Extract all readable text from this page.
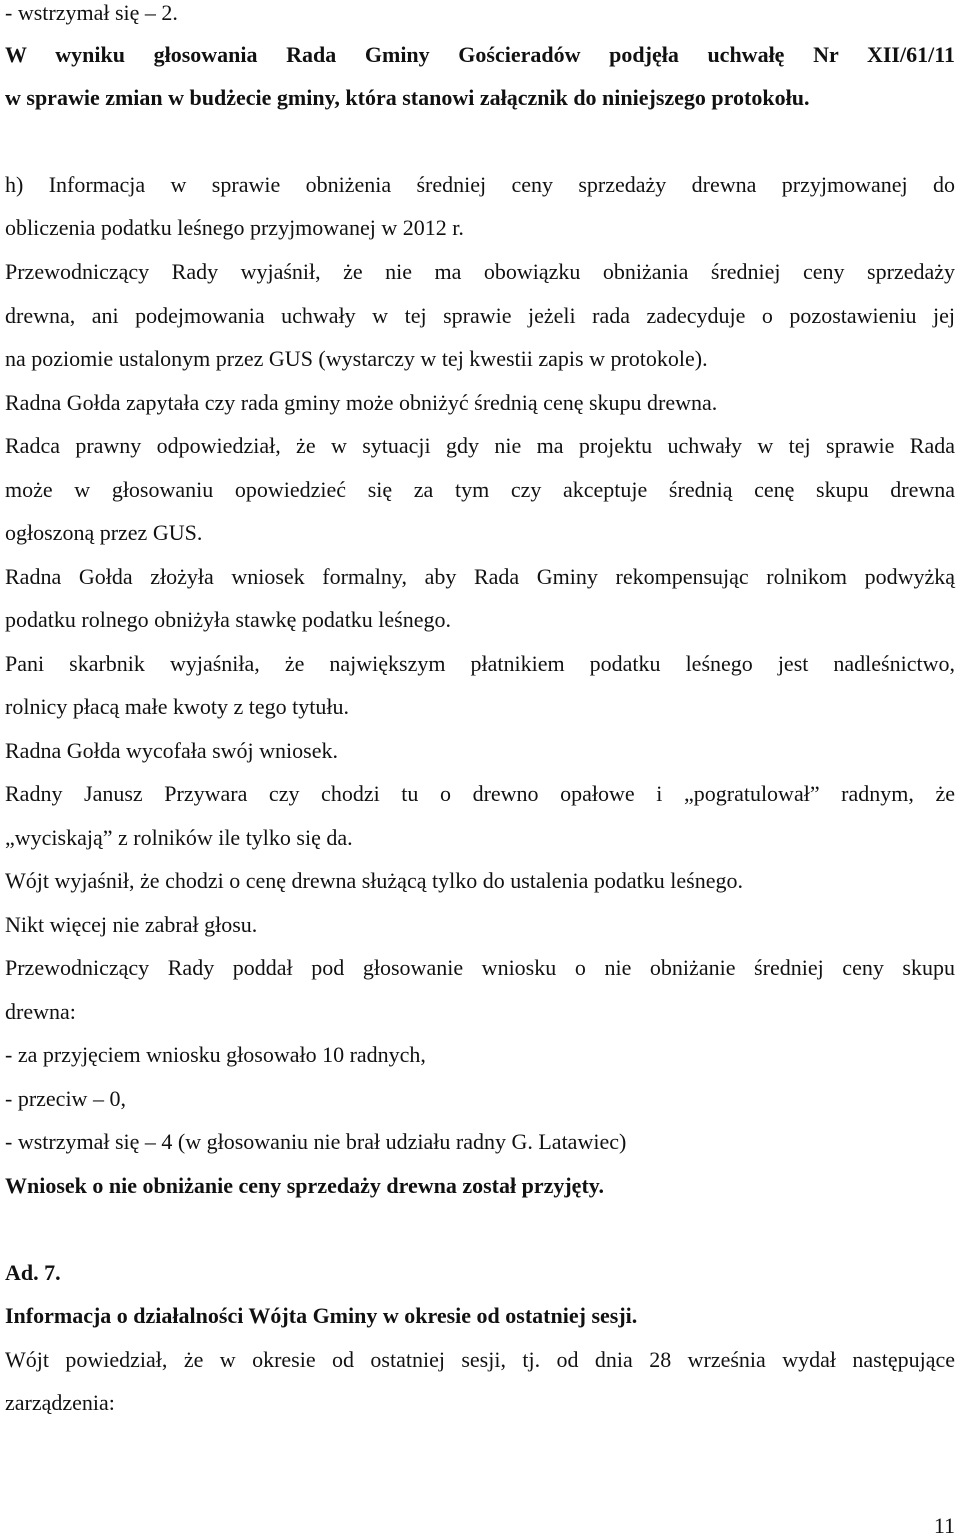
- wstrzymał się – 2.
W wyniku głosowania Rada Gminy Gościeradów podjęła uchwałę Nr XII/61/11
w sprawie zmian w budżecie gminy, która stanowi załącznik do niniejszego protokołu.
h) Informacja w sprawie obniżenia średniej ceny sprzedaży drewna przyjmowanej do
obliczenia podatku leśnego przyjmowanej w 2012 r.
Przewodniczący Rady wyjaśnił, że nie ma obowiązku obniżania średniej ceny sprzedaży
drewna, ani podejmowania uchwały w tej sprawie jeżeli rada zadecyduje o pozostawieniu jej
na poziomie ustalonym przez GUS (wystarczy w tej kwestii zapis w protokole).
Radna Gołda zapytała czy rada gminy może obniżyć średnią cenę skupu drewna.
Radca prawny odpowiedział, że w sytuacji gdy nie ma projektu uchwały w tej sprawie Rada
może w głosowaniu opowiedzieć się za tym czy akceptuje średnią cenę skupu drewna
ogłoszoną przez GUS.
Radna Gołda złożyła wniosek formalny, aby Rada Gminy rekompensując rolnikom podwyżką
podatku rolnego obniżyła stawkę podatku leśnego.
Pani skarbnik wyjaśniła, że największym płatnikiem podatku leśnego jest nadleśnictwo,
rolnicy płacą małe kwoty z tego tytułu.
Radna Gołda wycofała swój wniosek.
Radny Janusz Przywara czy chodzi tu o drewno opałowe i „pogratulował” radnym, że
„wyciskają” z rolników ile tylko się da.
Wójt wyjaśnił, że chodzi o cenę drewna służącą tylko do ustalenia podatku leśnego.
Nikt więcej nie zabrał głosu.
Przewodniczący Rady poddał pod głosowanie wniosku o nie obniżanie średniej ceny skupu
drewna:
- za przyjęciem wniosku głosowało 10 radnych,
- przeciw – 0,
- wstrzymał się – 4 (w głosowaniu nie brał udziału radny G. Latawiec)
Wniosek o nie obniżanie ceny sprzedaży drewna został przyjęty.
Ad. 7.
Informacja o działalności Wójta Gminy w okresie od ostatniej sesji.
Wójt powiedział, że w okresie od ostatniej sesji, tj. od dnia 28 września wydał następujące
zarządzenia:
11
